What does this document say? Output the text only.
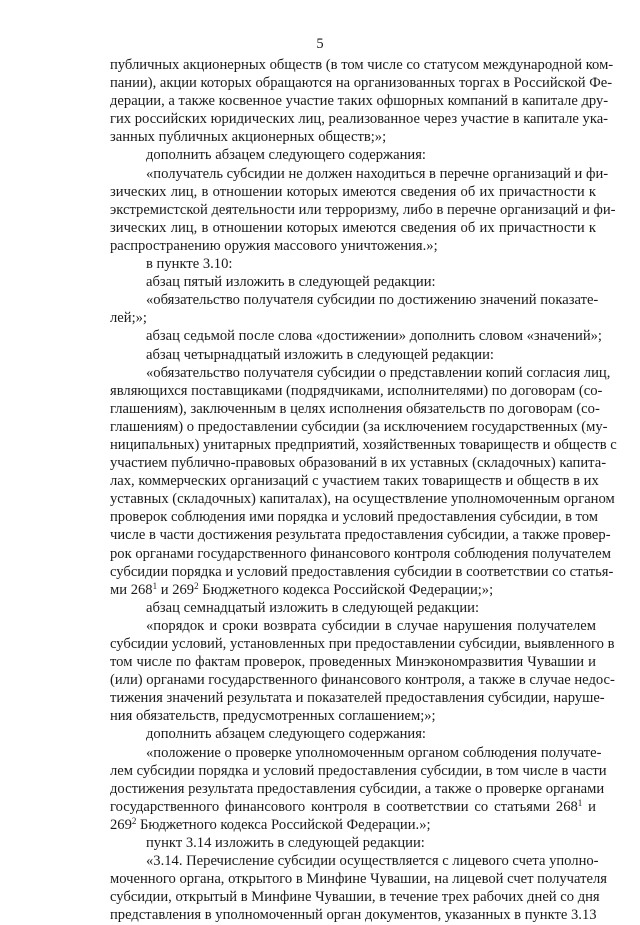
5
публичных акционерных обществ (в том числе со статусом международной ком-
пании), акции которых обращаются на организованных торгах в Российской Фе-
дерации, а также косвенное участие таких офшорных компаний в капитале дру-
гих российских юридических лиц, реализованное через участие в капитале ука-
занных публичных акционерных обществ;»;
дополнить абзацем следующего содержания:
«получатель субсидии не должен находиться в перечне организаций и фи-
зических лиц, в отношении которых имеются сведения об их причастности к
экстремистской деятельности или терроризму, либо в перечне организаций и фи-
зических лиц, в отношении которых имеются сведения об их причастности к
распространению оружия массового уничтожения.»;
в пункте 3.10:
абзац пятый изложить в следующей редакции:
«обязательство получателя субсидии по достижению значений показате-
лей;»;
абзац седьмой после слова «достижении» дополнить словом «значений»;
абзац четырнадцатый изложить в следующей редакции:
«обязательство получателя субсидии о представлении копий согласия лиц,
являющихся поставщиками (подрядчиками, исполнителями) по договорам (со-
глашениям), заключенным в целях исполнения обязательств по договорам (со-
глашениям) о предоставлении субсидии (за исключением государственных (му-
ниципальных) унитарных предприятий, хозяйственных товариществ и обществ с
участием публично-правовых образований в их уставных (складочных) капита-
лах, коммерческих организаций с участием таких товариществ и обществ в их
уставных (складочных) капиталах), на осуществление уполномоченным органом
проверок соблюдения ими порядка и условий предоставления субсидии, в том
числе в части достижения результата предоставления субсидии, а также провер-
рок органами государственного финансового контроля соблюдения получателем
субсидии порядка и условий предоставления субсидии в соответствии со статья-
ми $268^1$ и $269^2$ Бюджетного кодекса Российской Федерации;»;
абзац семнадцатый изложить в следующей редакции:
«порядок и сроки возврата субсидии в случае нарушения получателем
субсидии условий, установленных при предоставлении субсидии, выявленного в
том числе по фактам проверок, проведенных Минэкономразвития Чувашии и
(или) органами государственного финансового контроля, а также в случае недос-
тижения значений результата и показателей предоставления субсидии, наруше-
ния обязательств, предусмотренных соглашением;»;
дополнить абзацем следующего содержания:
«положение о проверке уполномоченным органом соблюдения получате-
лем субсидии порядка и условий предоставления субсидии, в том числе в части
достижения результата предоставления субсидии, а также о проверке органами
государственного финансового контроля в соответствии со статьями $268^1$ и
$269^2$ Бюджетного кодекса Российской Федерации.»;
пункт 3.14 изложить в следующей редакции:
«3.14. Перечисление субсидии осуществляется с лицевого счета уполно-
моченного органа, открытого в Минфине Чувашии, на лицевой счет получателя
субсидии, открытый в Минфине Чувашии, в течение трех рабочих дней со дня
представления в уполномоченный орган документов, указанных в пункте 3.13
